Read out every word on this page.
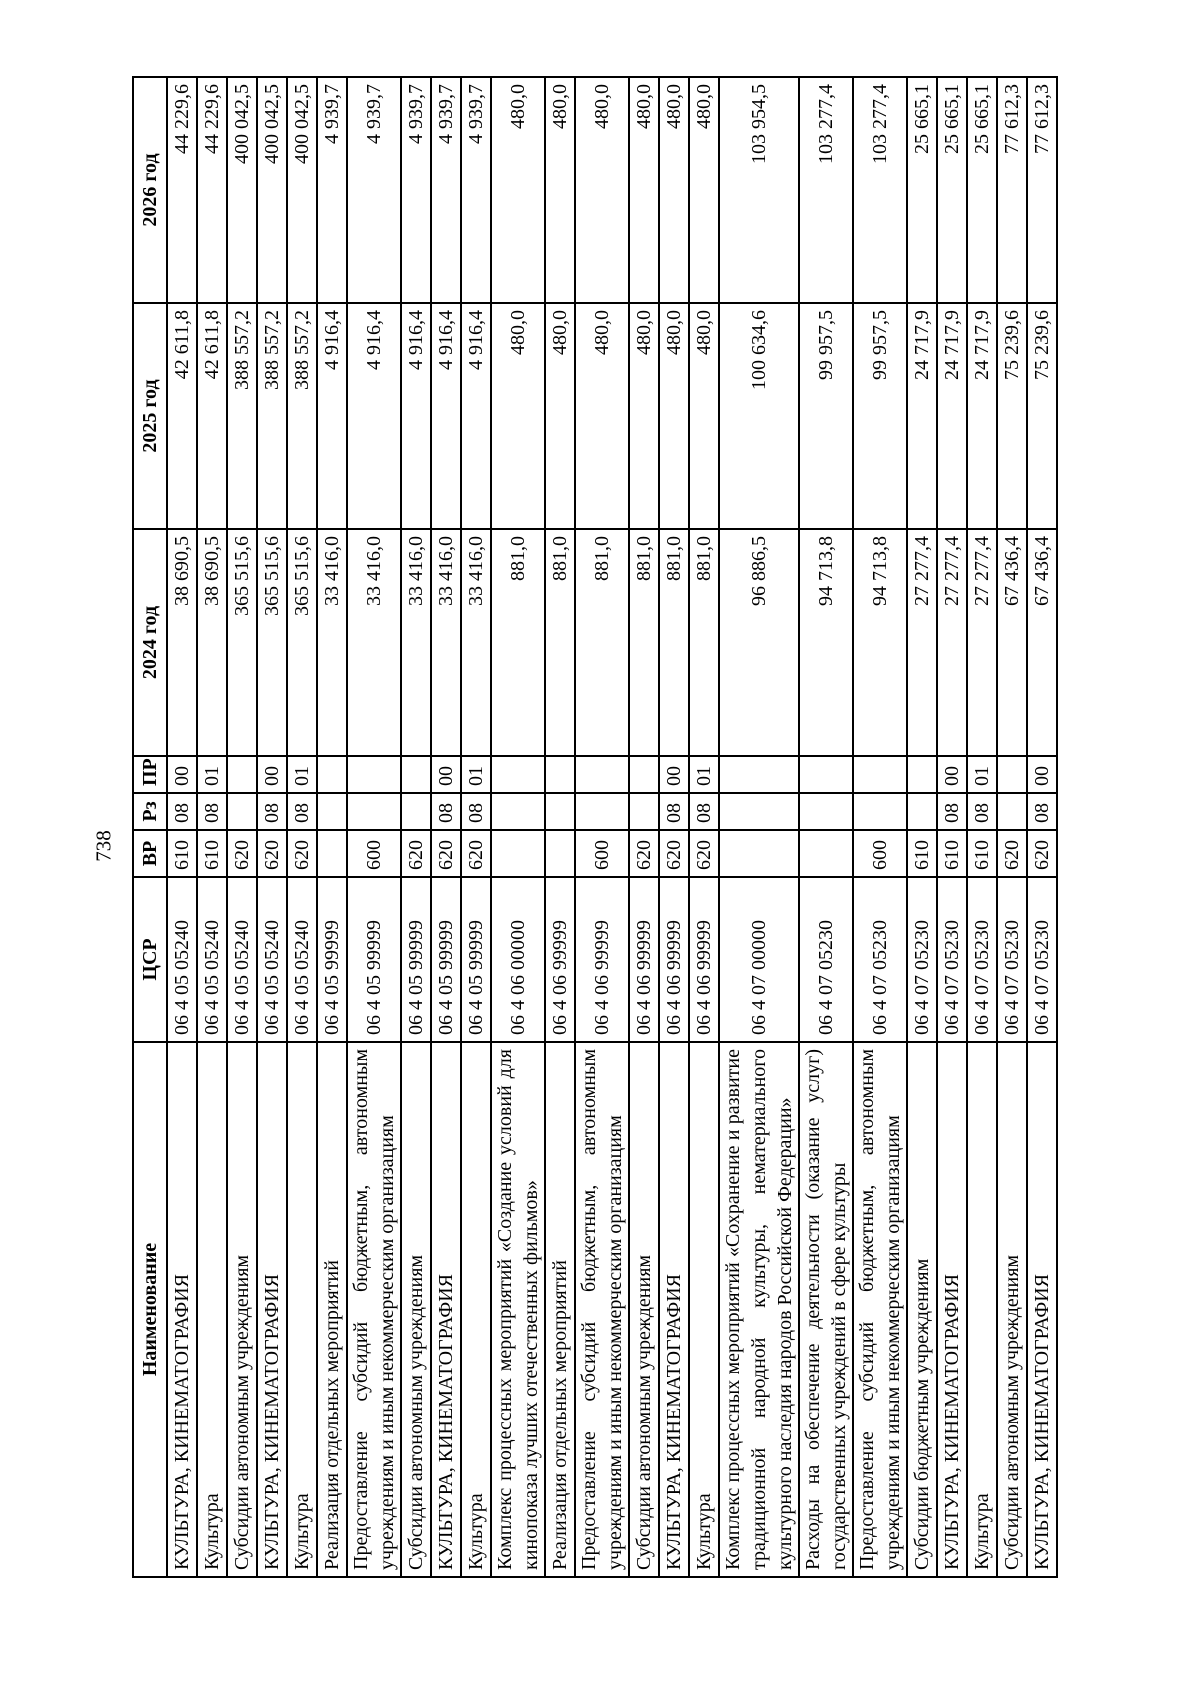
738
Наименование	ЦСР	ВР	Рз	ПР	2024 год	2025 год	2026 год
КУЛЬТУРА, КИНЕМАТОГРАФИЯ	06 4 05 05240	610	08	00	38 690,5	42 611,8	44 229,6
Культура	06 4 05 05240	610	08	01	38 690,5	42 611,8	44 229,6
Субсидии автономным учреждениям	06 4 05 05240	620			365 515,6	388 557,2	400 042,5
КУЛЬТУРА, КИНЕМАТОГРАФИЯ	06 4 05 05240	620	08	00	365 515,6	388 557,2	400 042,5
Культура	06 4 05 05240	620	08	01	365 515,6	388 557,2	400 042,5
Реализация отдельных мероприятий	06 4 05 99999				33 416,0	4 916,4	4 939,7
Предоставление субсидий бюджетным, автономным учреждениям и иным некоммерческим организациям	06 4 05 99999	600			33 416,0	4 916,4	4 939,7
Субсидии автономным учреждениям	06 4 05 99999	620			33 416,0	4 916,4	4 939,7
КУЛЬТУРА, КИНЕМАТОГРАФИЯ	06 4 05 99999	620	08	00	33 416,0	4 916,4	4 939,7
Культура	06 4 05 99999	620	08	01	33 416,0	4 916,4	4 939,7
Комплекс процессных мероприятий «Создание условий для кинопоказа лучших отечественных фильмов»	06 4 06 00000				881,0	480,0	480,0
Реализация отдельных мероприятий	06 4 06 99999				881,0	480,0	480,0
Предоставление субсидий бюджетным, автономным учреждениям и иным некоммерческим организациям	06 4 06 99999	600			881,0	480,0	480,0
Субсидии автономным учреждениям	06 4 06 99999	620			881,0	480,0	480,0
КУЛЬТУРА, КИНЕМАТОГРАФИЯ	06 4 06 99999	620	08	00	881,0	480,0	480,0
Культура	06 4 06 99999	620	08	01	881,0	480,0	480,0
Комплекс процессных мероприятий «Сохранение и развитие традиционной народной культуры, нематериального культурного наследия народов Российской Федерации»	06 4 07 00000				96 886,5	100 634,6	103 954,5
Расходы на обеспечение деятельности (оказание услуг) государственных учреждений в сфере культуры	06 4 07 05230				94 713,8	99 957,5	103 277,4
Предоставление субсидий бюджетным, автономным учреждениям и иным некоммерческим организациям	06 4 07 05230	600			94 713,8	99 957,5	103 277,4
Субсидии бюджетным учреждениям	06 4 07 05230	610			27 277,4	24 717,9	25 665,1
КУЛЬТУРА, КИНЕМАТОГРАФИЯ	06 4 07 05230	610	08	00	27 277,4	24 717,9	25 665,1
Культура	06 4 07 05230	610	08	01	27 277,4	24 717,9	25 665,1
Субсидии автономным учреждениям	06 4 07 05230	620			67 436,4	75 239,6	77 612,3
КУЛЬТУРА, КИНЕМАТОГРАФИЯ	06 4 07 05230	620	08	00	67 436,4	75 239,6	77 612,3
